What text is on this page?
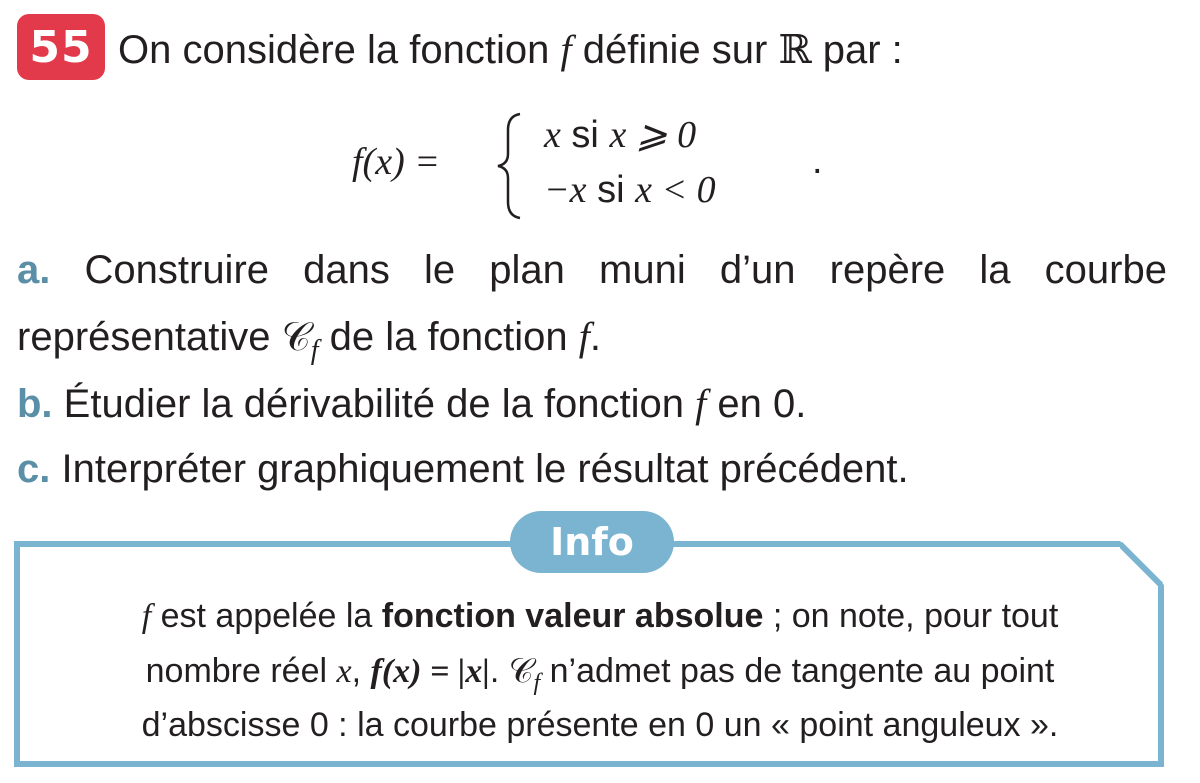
55 On considère la fonction f définie sur ℝ par :
f(x) =
x si x ⩾ 0
−x si x < 0
.
a. Construire dans le plan muni d’un repère la courbe
représentative 𝒞$_f$ de la fonction f.
b. Étudier la dérivabilité de la fonction f en 0.
c. Interpréter graphiquement le résultat précédent.
Info
f est appelée la fonction valeur absolue ; on note, pour tout
nombre réel x, f(x) = |x|. 𝒞$_f$ n’admet pas de tangente au point
d’abscisse 0 : la courbe présente en 0 un « point anguleux ».
